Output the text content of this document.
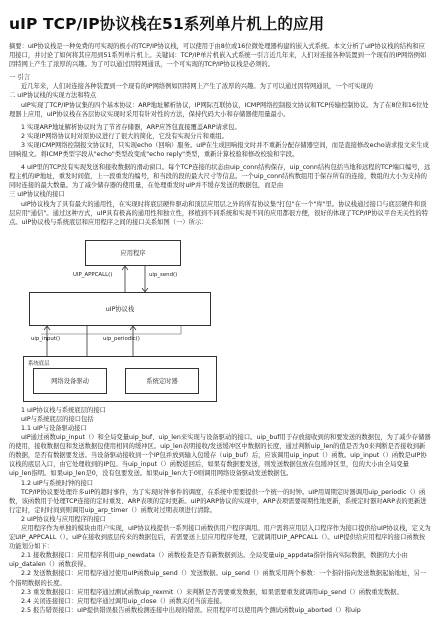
uIP TCP/IP协议栈在51系列单片机上的应用

摘要：uIP协议栈是一种免费的可实现的极小的TCP/IP协议栈，可以使用于由8位或16位微处理器构建的嵌入式系统。本文分析了uIP协议栈的结构和应用接口，并讨论了如何将其应用到51系列单片机上。关键词：TCP/IP单片机嵌入式系统一引言近几年来，人们对连接各种装置到一个现有的IP网络例如因特网上产生了浓厚的兴趣。为了可以通过因特网通讯，一个可实现的TCP/IP协议栈是必须的。

一 引言

近几年来，人们对连接各种装置到一个现有的IP网络例如因特网上产生了浓厚的兴趣。为了可以通过因特网通讯，一个可实现的

二 uIP协议栈的实现方法和特点

uIP实现了TCP/IP协议集的四个基本协议：ARP地址解析协议，IP网际互联协议，ICMP网络控制报文协议和TCP传输控制协议。为了在8位和16位处理器上应用，uIP协议栈在各层协议实现时采用有针对性的方法，保持代码大小和存储器使用量最小。

1 实现ARP地址解析协议时为了节省存储器，ARP应答包直接覆盖ARP请求包。

2 实现IP网络协议时对原协议进行了很大的简化，它没有实现分片和重组。

3 实现ICMP网络控制报文协议时，只实现echo（回响）服务。uIP在生成回响报文时并不重新分配存储器空间，而是直接修改echo请求报文来生成回响报文。将ICMP类型字段从"echo"类型改变成"echo reply"类型，重新计算校验和修改校验和字段。

4 uIP里的TCP没有实现发送和接收数据的滑动窗口。每个TCP连接的状态由uip_conn结构保存，uip_conn结构包括当地和远程的TCP端口编号，远程主机的IP地址，重发时间值，上一段重发的编号，和当段的段的最大尺寸等信息。一个uip_conn结构数组用于保存所有的连接，数组的大小为支持的同时连接的最大数量。为了减少储存器的使用量，在处理重发时uIP并不缓存发送的数据包，而是由

三 uIP协议栈的接口

uIP协议栈为了具有最大的通用性，在实现时将底层硬件驱动和顶层应用层之外的所有协议集"打包"在一个"库"里。协议栈通过接口与底层硬件和顶层应用"通信"。通过这种方式，uIP具有极高的通用性和独立性，移植到不同系统和实现不同的应用都很方便，很好的体现了TCP/IP协议平台无关性的特点。uIP协议栈与系统底层和应用程序之间的接口关系如图（一）所示：

应用程序
uIP协议栈
UIP_APPCALL()	uip_send()
uip_input()	uip_periodic()
系统底层
网络设备驱动	系统定时器

1 uIP协议栈与系统底层的接口

uIP与系统底层的接口包括

1.1 uIP与设备驱动接口

uIP通过函数uip_input（）和全局变量uip_buf、uip_len来实现与设备驱动的接口。uip_buf用于存放接收到的和要发送的数据包，为了减少存储器的使用，接收数据包和发送数据包使用相同的缓冲区。uip_len表明接收/发送缓冲区中数据的长度，通过判断uip_len的值是否为0来判断是否接收到新的数据，是否有数据要发送。当设备驱动接收到一个IP包并放到输入包缓存（uip_buf）后，应该调用uip_input（）函数。uip_input（）函数是uIP协议栈的底层入口，由它处理收到的IP包。当uip_input（）函数返回后，如果有数据要发送，则发送数据包放在包缓冲区里，包的大小由全局变量uip_len指明。如果uip_len是0，没有包要发送。如果uip_len大于0则调用网络设备驱动发送数据包。

1.2 uIP与系统时钟的接口

TCP/IP协议要处理许多uIP的超时事件，为了实现时钟事件的调度，在系统中需要提供一个统一的时钟。uIP用周期定时器调用uip_periodic（）函数，该函数用于处理TCP连接的定时重发、ARP表项的定时更新。uIP的ARP协议的实现中，ARP表项需要周期性地更新，系统定时器对ARP表的更新进行定时，定时时间到则调用uip_arp_timer（）函数对过期表项进行清除。

2 uIP协议栈与应用程序的接口

应用程序作为单独的模块由用户实现，uIP协议栈提供一系列接口函数供用户程序调用。用户需将应用层入口程序作为接口提供给uIP协议栈，定义为宏UIP_APPCALL（）。uIP在接收到底层传来的数据包后，若需要送上层应用程序处理，它就调用UIP_APPCALL（）。uIP提供给应用程序的接口函数按功能划分如下：

2.1 接收数据接口：应用程序利用uip_newdata（）函数检查是否有新数据到达。全局变量uip_appdata指针指向实际数据，数据的大小由uip_datalen（）函数获得。

2.2 发送数据接口：应用程序通过使用uIP函数uip_send（）发送数据。uip_send（）函数采用两个参数：一个指针指向发送数据起始地址，另一个指明数据的长度。

2.3 重发数据接口：应用程序通过测试函数uip_rexmit（）来判断是否需要重发数据，如果需要重发就调用uip_send（）函数重发数据。

2.4 关闭连接接口：应用程序通过调用uip_close（）函数关闭当前连接。

2.5 报告错误接口：uIP提供错误报告函数检测连接中出现的错误。应用程序可以使用两个测试函数uip_aborted（）和uip
